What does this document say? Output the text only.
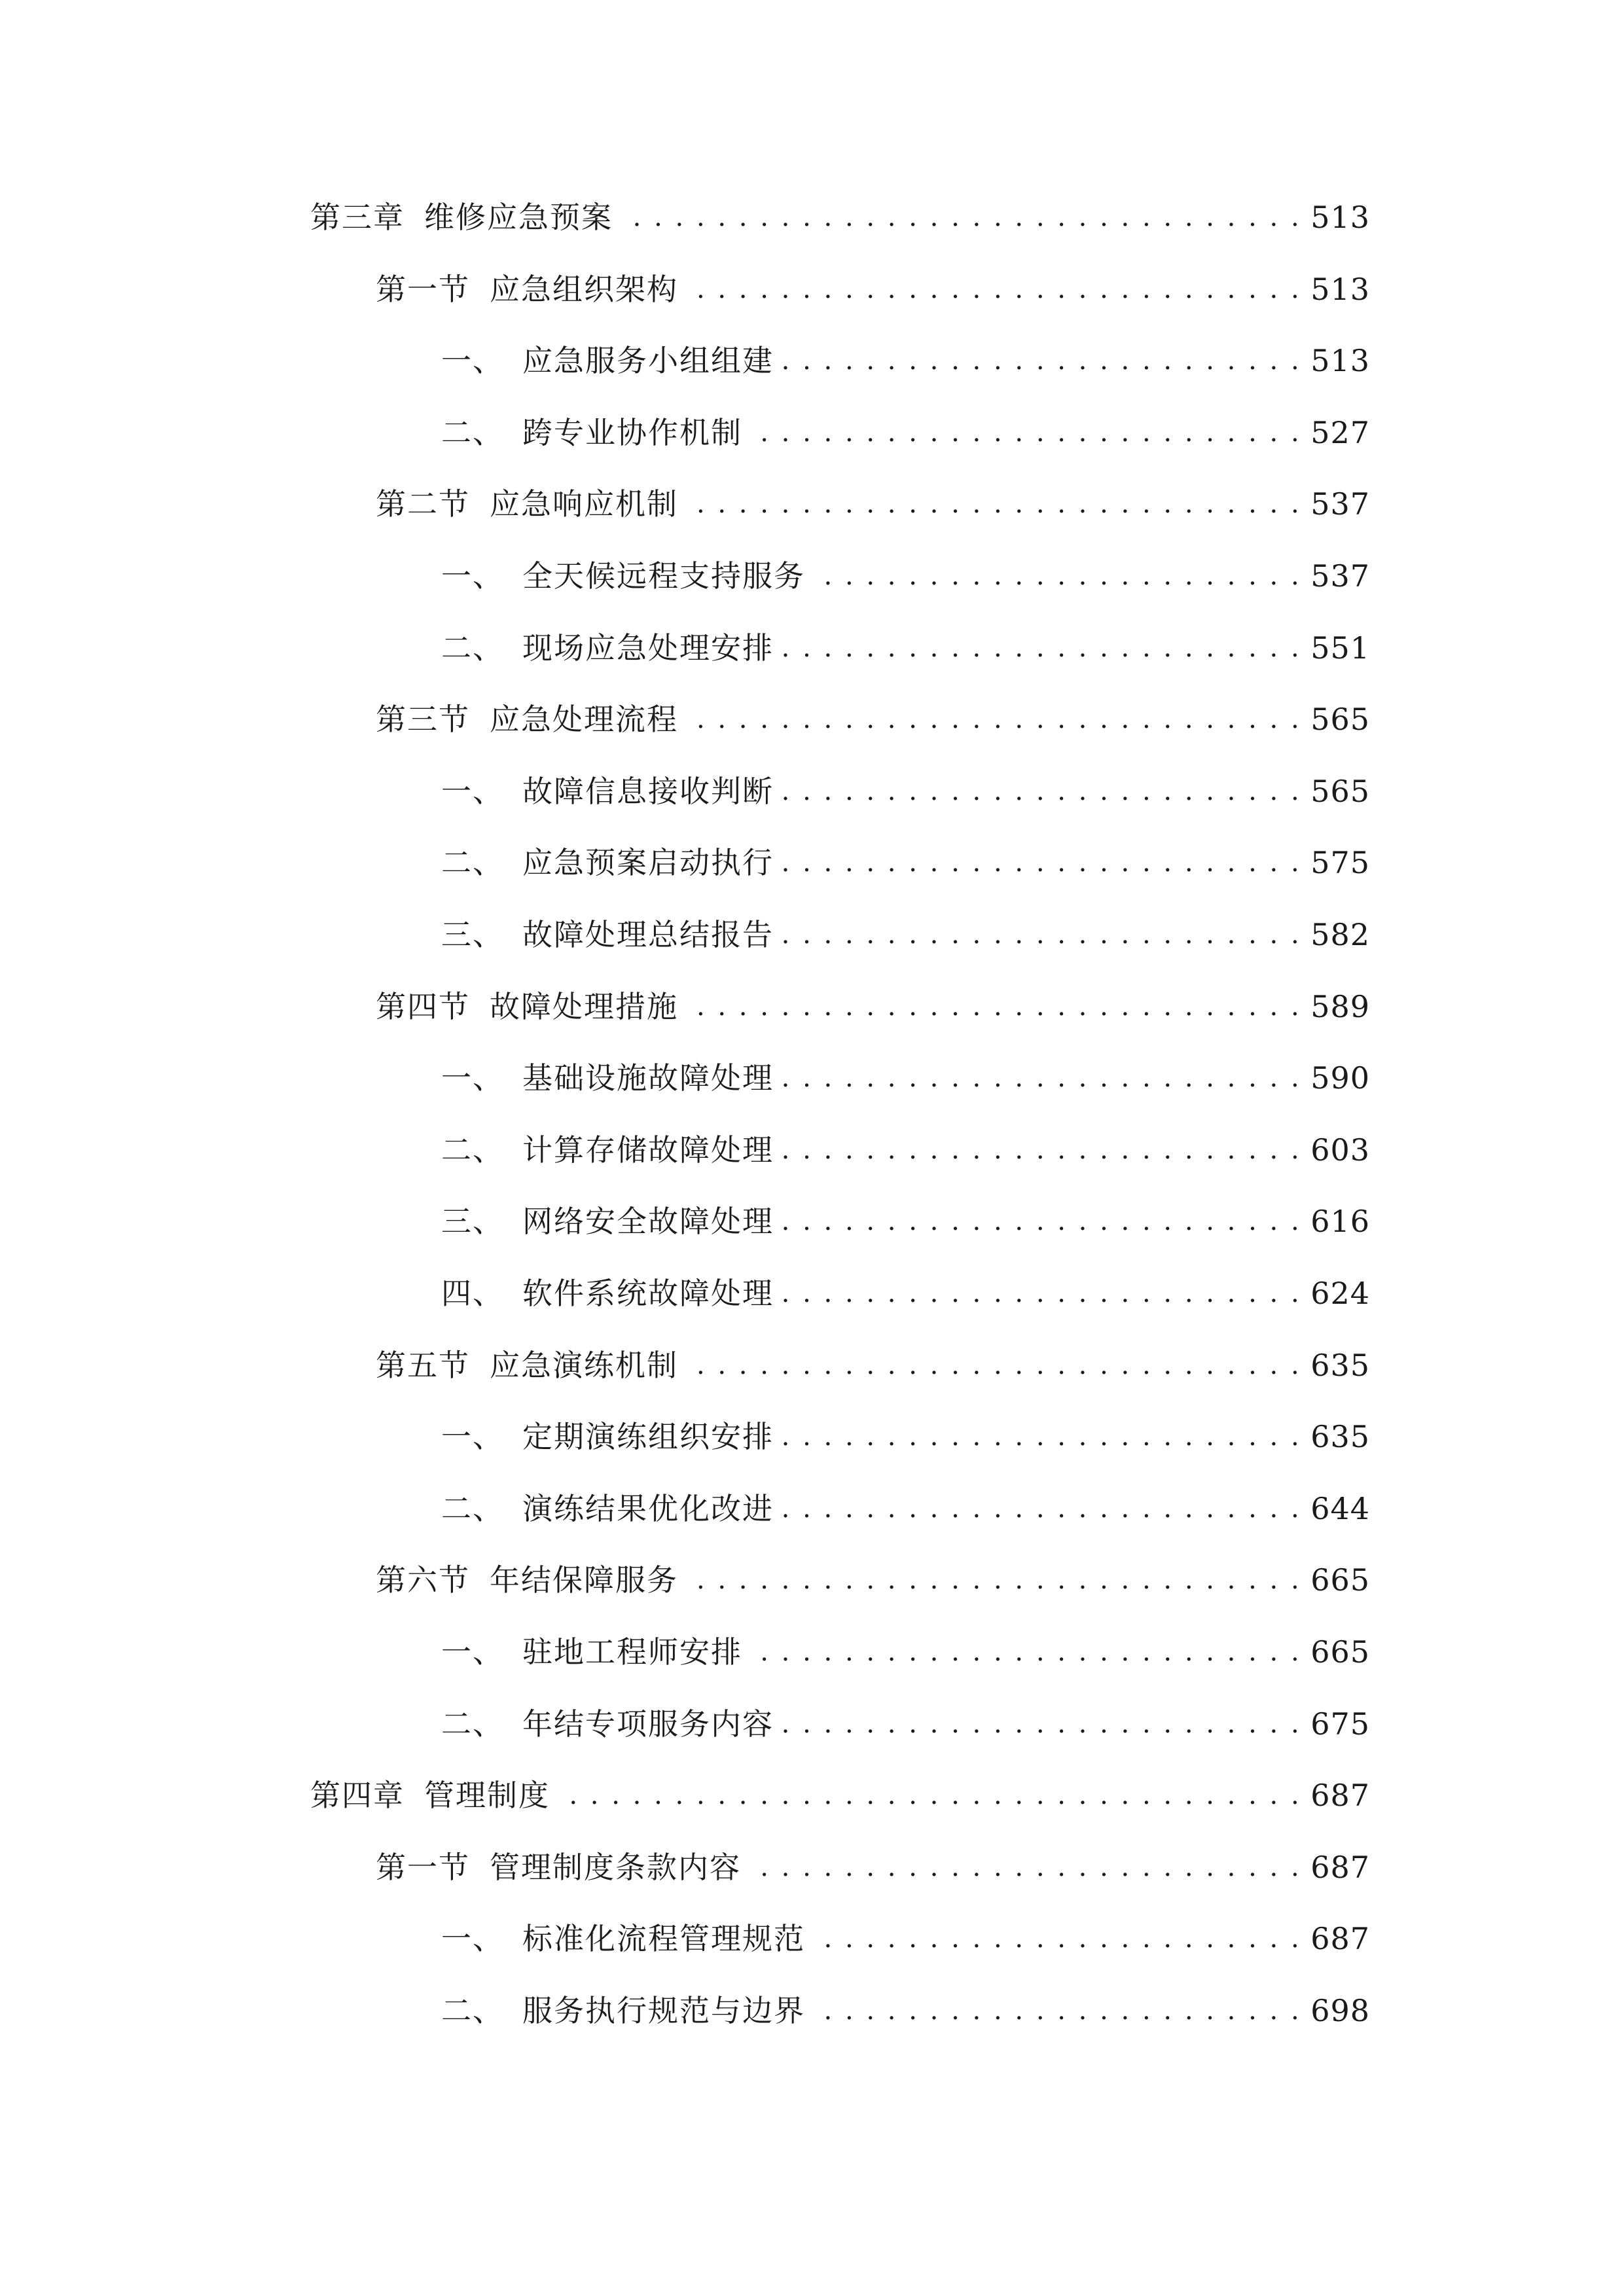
第三章 维修应急预案 . . .	513
第一节 应急组织架构 . . .	513
一、 应急服务小组组建 . . .	513
二、 跨专业协作机制 . . .	527
第二节 应急响应机制 . . .	537
一、 全天候远程支持服务 . . .	537
二、 现场应急处理安排 . . .	551
第三节 应急处理流程 . . .	565
一、 故障信息接收判断 . . .	565
二、 应急预案启动执行 . . .	575
三、 故障处理总结报告 . . .	582
第四节 故障处理措施 . . .	589
一、 基础设施故障处理 . . .	590
二、 计算存储故障处理 . . .	603
三、 网络安全故障处理 . . .	616
四、 软件系统故障处理 . . .	624
第五节 应急演练机制 . . .	635
一、 定期演练组织安排 . . .	635
二、 演练结果优化改进 . . .	644
第六节 年结保障服务 . . .	665
一、 驻地工程师安排 . . .	665
二、 年结专项服务内容 . . .	675
第四章 管理制度 . . .	687
第一节 管理制度条款内容 . . .	687
一、 标准化流程管理规范 . . .	687
二、 服务执行规范与边界 . . .	698
